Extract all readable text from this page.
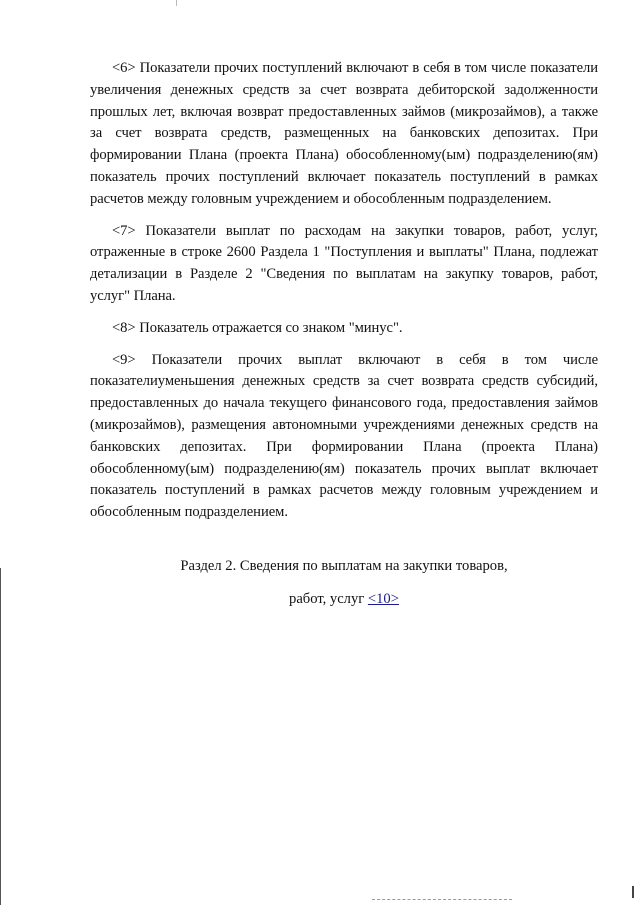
<6> Показатели прочих поступлений включают в себя в том числе показатели увеличения денежных средств за счет возврата дебиторской задолженности прошлых лет, включая возврат предоставленных займов (микрозаймов), а также за счет возврата средств, размещенных на банковских депозитах. При формировании Плана (проекта Плана) обособленному(ым) подразделению(ям) показатель прочих поступлений включает показатель поступлений в рамках расчетов между головным учреждением и обособленным подразделением.

<7> Показатели выплат по расходам на закупки товаров, работ, услуг, отраженные в строке 2600 Раздела 1 "Поступления и выплаты" Плана, подлежат детализации в Разделе 2 "Сведения по выплатам на закупку товаров, работ, услуг" Плана.

<8> Показатель отражается со знаком "минус".

<9> Показатели прочих выплат включают в себя в том числе показателиуменьшения денежных средств за счет возврата средств субсидий, предоставленных до начала текущего финансового года, предоставления займов (микрозаймов), размещения автономными учреждениями денежных средств на банковских депозитах. При формировании Плана (проекта Плана) обособленному(ым) подразделению(ям) показатель прочих выплат включает показатель поступлений в рамках расчетов между головным учреждением и обособленным подразделением.

Раздел 2. Сведения по выплатам на закупки товаров,
работ, услуг <10>
